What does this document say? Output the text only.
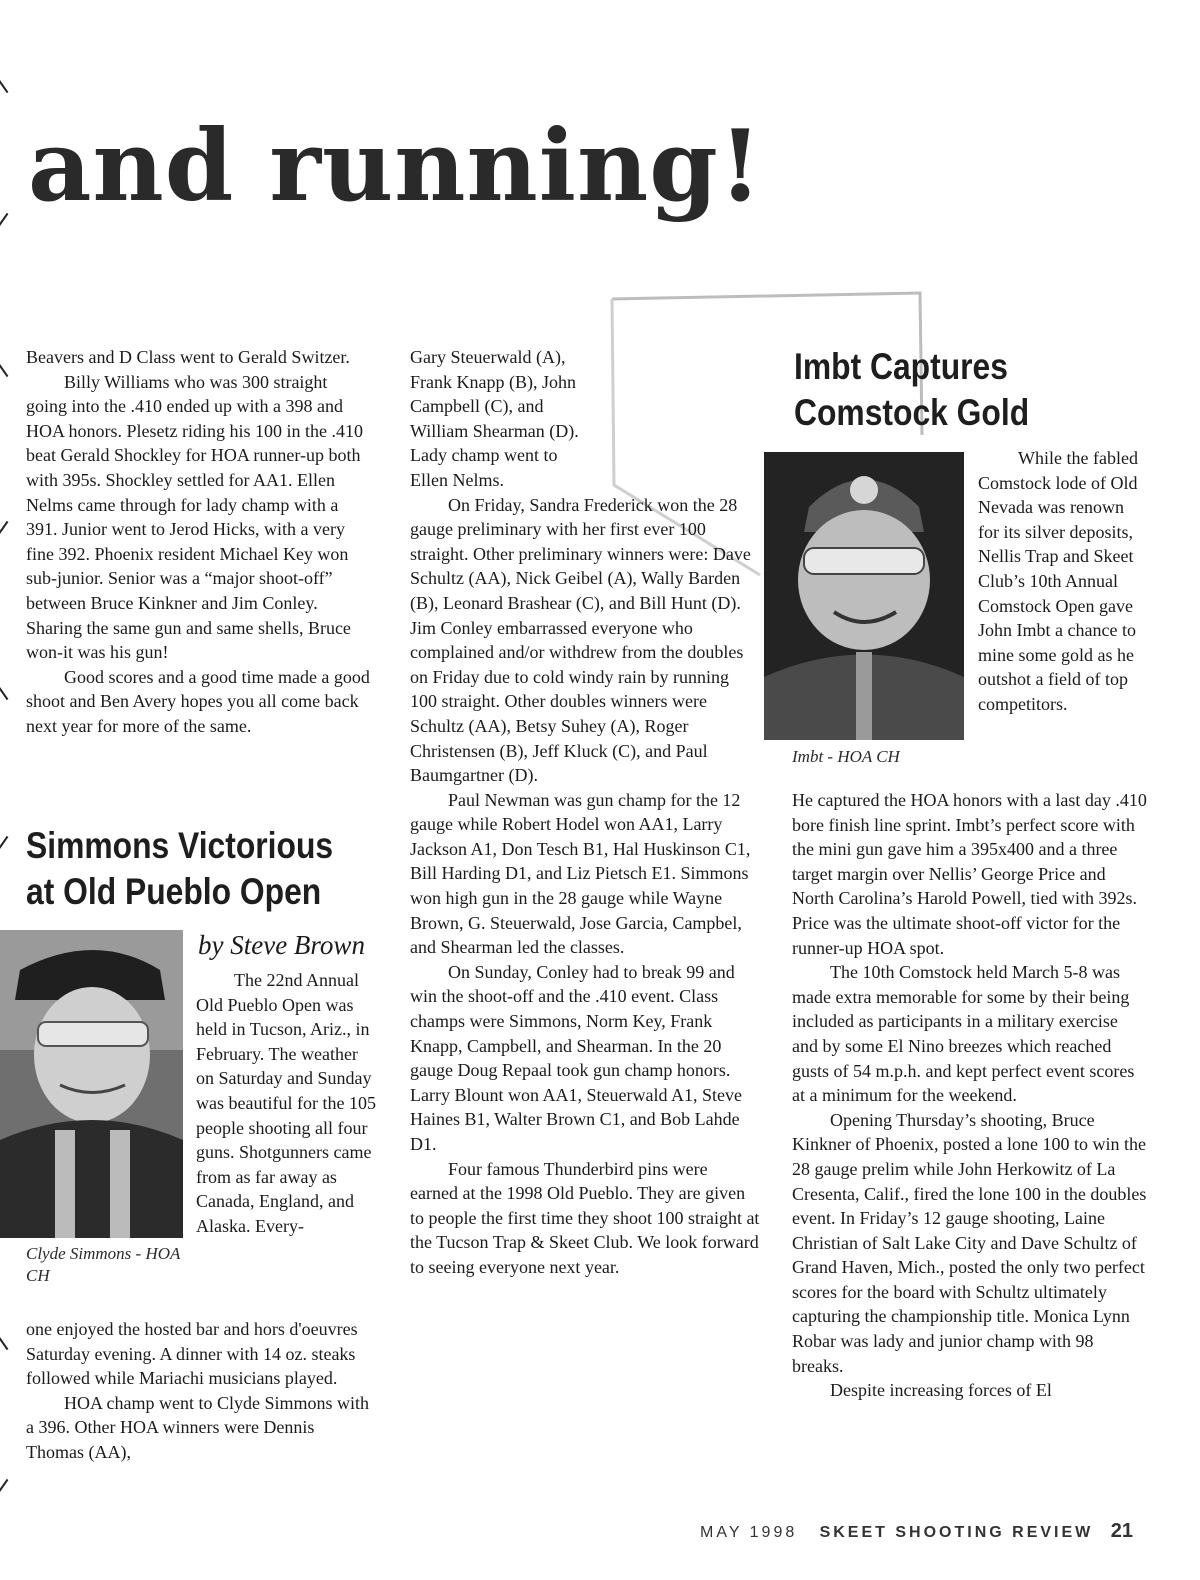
and running!

Beavers and D Class went to Gerald Switzer.

Billy Williams who was 300 straight going into the .410 ended up with a 398 and HOA honors. Plesetz riding his 100 in the .410 beat Gerald Shockley for HOA runner-up both with 395s. Shockley settled for AA1. Ellen Nelms came through for lady champ with a 391. Junior went to Jerod Hicks, with a very fine 392. Phoenix resident Michael Key won sub-junior. Senior was a “major shoot-off” between Bruce Kinkner and Jim Conley. Sharing the same gun and same shells, Bruce won-it was his gun!

Good scores and a good time made a good shoot and Ben Avery hopes you all come back next year for more of the same.

Simmons Victorious
at Old Pueblo Open
by Steve Brown
Clyde Simmons - HOA CH

The 22nd Annual Old Pueblo Open was held in Tucson, Ariz., in February. The weather on Saturday and Sunday was beautiful for the 105 people shooting all four guns. Shotgunners came from as far away as Canada, England, and Alaska. Every-

one enjoyed the hosted bar and hors d'oeuvres Saturday evening. A dinner with 14 oz. steaks followed while Mariachi musicians played.

HOA champ went to Clyde Simmons with a 396. Other HOA winners were Dennis Thomas (AA),

Gary Steuerwald (A), Frank Knapp (B), John Campbell (C), and William Shearman (D). Lady champ went to Ellen Nelms.

On Friday, Sandra Frederick won the 28 gauge preliminary with her first ever 100 straight. Other preliminary winners were: Dave Schultz (AA), Nick Geibel (A), Wally Barden (B), Leonard Brashear (C), and Bill Hunt (D). Jim Conley embarrassed everyone who complained and/or withdrew from the doubles on Friday due to cold windy rain by running 100 straight. Other doubles winners were Schultz (AA), Betsy Suhey (A), Roger Christensen (B), Jeff Kluck (C), and Paul Baumgartner (D).

Paul Newman was gun champ for the 12 gauge while Robert Hodel won AA1, Larry Jackson A1, Don Tesch B1, Hal Huskinson C1, Bill Harding D1, and Liz Pietsch E1. Simmons won high gun in the 28 gauge while Wayne Brown, G. Steuerwald, Jose Garcia, Campbel, and Shearman led the classes.

On Sunday, Conley had to break 99 and win the shoot-off and the .410 event. Class champs were Simmons, Norm Key, Frank Knapp, Campbell, and Shearman. In the 20 gauge Doug Repaal took gun champ honors. Larry Blount won AA1, Steuerwald A1, Steve Haines B1, Walter Brown C1, and Bob Lahde D1.

Four famous Thunderbird pins were earned at the 1998 Old Pueblo. They are given to people the first time they shoot 100 straight at the Tucson Trap & Skeet Club. We look forward to seeing everyone next year.

Imbt Captures
Comstock Gold
Imbt - HOA CH

While the fabled Comstock lode of Old Nevada was renown for its silver deposits, Nellis Trap and Skeet Club’s 10th Annual Comstock Open gave John Imbt a chance to mine some gold as he outshot a field of top competitors.

He captured the HOA honors with a last day .410 bore finish line sprint. Imbt’s perfect score with the mini gun gave him a 395x400 and a three target margin over Nellis’ George Price and North Carolina’s Harold Powell, tied with 392s. Price was the ultimate shoot-off victor for the runner-up HOA spot.

The 10th Comstock held March 5-8 was made extra memorable for some by their being included as participants in a military exercise and by some El Nino breezes which reached gusts of 54 m.p.h. and kept perfect event scores at a minimum for the weekend.

Opening Thursday’s shooting, Bruce Kinkner of Phoenix, posted a lone 100 to win the 28 gauge prelim while John Herkowitz of La Cresenta, Calif., fired the lone 100 in the doubles event. In Friday’s 12 gauge shooting, Laine Christian of Salt Lake City and Dave Schultz of Grand Haven, Mich., posted the only two perfect scores for the board with Schultz ultimately capturing the championship title. Monica Lynn Robar was lady and junior champ with 98 breaks.

Despite increasing forces of El

MAY 1998 SKEET SHOOTING REVIEW 21
